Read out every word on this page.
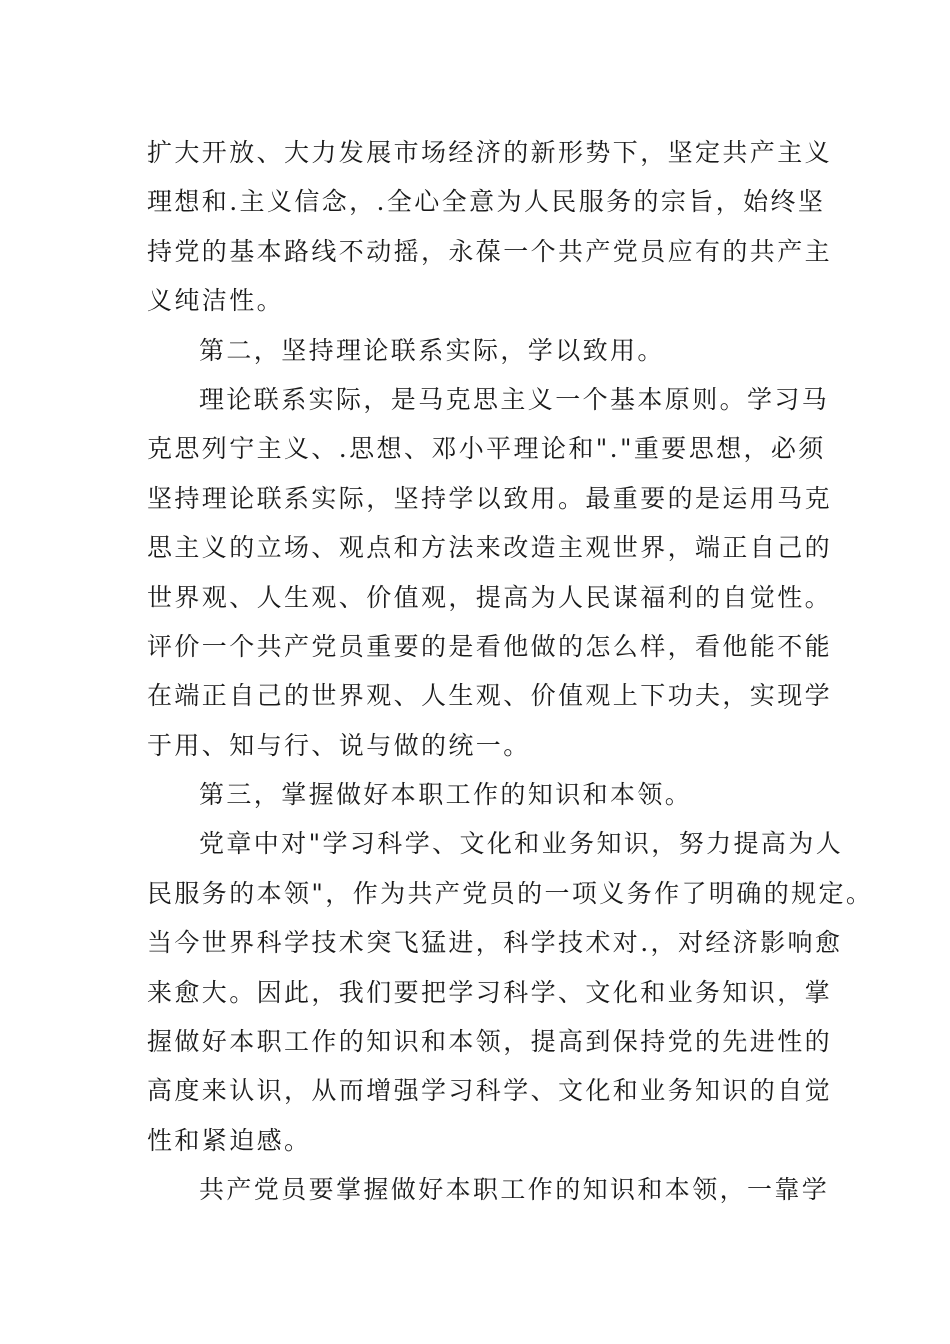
扩大开放、大力发展市场经济的新形势下，坚定共产主义
理想和.主义信念，.全心全意为人民服务的宗旨，始终坚
持党的基本路线不动摇，永葆一个共产党员应有的共产主
义纯洁性。
第二，坚持理论联系实际，学以致用。
理论联系实际，是马克思主义一个基本原则。学习马
克思列宁主义、.思想、邓小平理论和"."重要思想，必须
坚持理论联系实际，坚持学以致用。最重要的是运用马克
思主义的立场、观点和方法来改造主观世界，端正自己的
世界观、人生观、价值观，提高为人民谋福利的自觉性。
评价一个共产党员重要的是看他做的怎么样，看他能不能
在端正自己的世界观、人生观、价值观上下功夫，实现学
于用、知与行、说与做的统一。
第三，掌握做好本职工作的知识和本领。
党章中对"学习科学、文化和业务知识，努力提高为人
民服务的本领"，作为共产党员的一项义务作了明确的规定。
当今世界科学技术突飞猛进，科学技术对.，对经济影响愈
来愈大。因此，我们要把学习科学、文化和业务知识，掌
握做好本职工作的知识和本领，提高到保持党的先进性的
高度来认识，从而增强学习科学、文化和业务知识的自觉
性和紧迫感。
共产党员要掌握做好本职工作的知识和本领，一靠学
